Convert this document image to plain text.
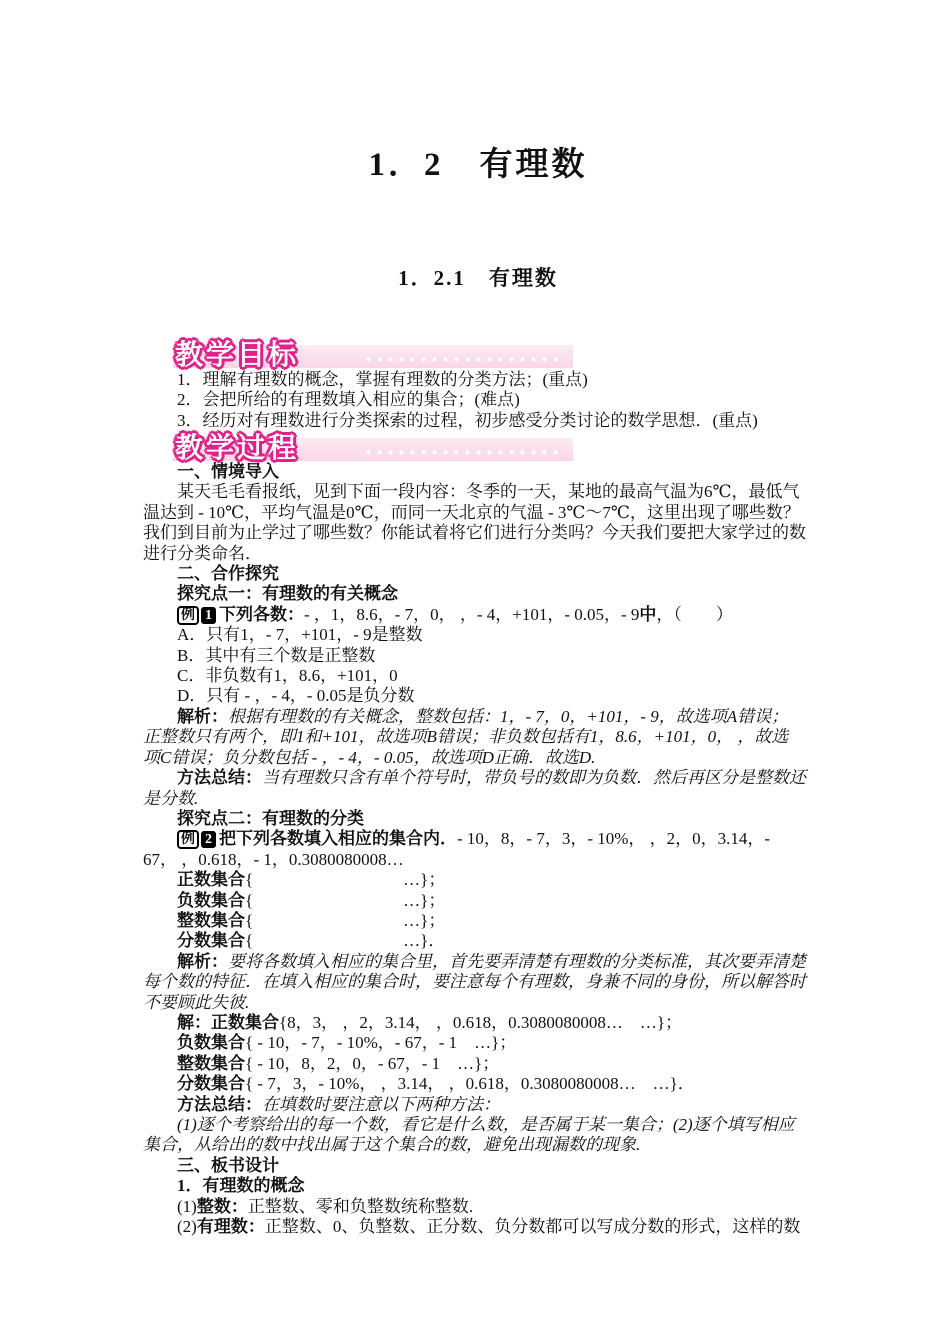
1．2　有理数
1．2.1　有理数
教学目标
1．理解有理数的概念，掌握有理数的分类方法；(重点)
2．会把所给的有理数填入相应的集合；(难点)
3．经历对有理数进行分类探索的过程，初步感受分类讨论的数学思想．(重点)
教学过程
一、情境导入
某天毛毛看报纸，见到下面一段内容：冬季的一天，某地的最高气温为6℃，最低气
温达到 - 10℃，平均气温是0℃，而同一天北京的气温 - 3℃～7℃，这里出现了哪些数？
我们到目前为止学过了哪些数？你能试着将它们进行分类吗？今天我们要把大家学过的数
进行分类命名．
二、合作探究
探究点一：有理数的有关概念
例 1 下列各数：- ，1，8.6，- 7，0， ，- 4，+101，- 0.05，- 9中，（　　）
A．只有1，- 7，+101，- 9是整数
B．其中有三个数是正整数
C．非负数有1，8.6，+101，0
D．只有 - ，- 4，- 0.05是负分数
解析：根据有理数的有关概念，整数包括：1，- 7，0，+101，- 9，故选项A错误；
正整数只有两个，即1和+101，故选项B错误；非负数包括有1，8.6，+101，0， ，故选
项C错误；负分数包括 - ，- 4，- 0.05，故选项D正确．故选D.
方法总结：当有理数只含有单个符号时，带负号的数即为负数．然后再区分是整数还
是分数.
探究点二：有理数的分类
例 2 把下列各数填入相应的集合内．- 10，8，- 7，3，- 10%， ，2，0，3.14，-
67， ，0.618，- 1，0.3080080008…
正数集合{	…}；
负数集合{	…}；
整数集合{	…}；
分数集合{	…}．
解析：要将各数填入相应的集合里，首先要弄清楚有理数的分类标准，其次要弄清楚
每个数的特征．在填入相应的集合时，要注意每个有理数，身兼不同的身份，所以解答时
不要顾此失彼.
解：正数集合{8，3， ，2，3.14， ，0.618，0.3080080008…　…}；
负数集合{ - 10，- 7，- 10%，- 67，- 1　…}；
整数集合{ - 10，8，2，0，- 67，- 1　…}；
分数集合{ - 7，3，- 10%， ，3.14， ，0.618，0.3080080008…　…}．
方法总结：在填数时要注意以下两种方法：
(1)逐个考察给出的每一个数，看它是什么数，是否属于某一集合；(2)逐个填写相应
集合，从给出的数中找出属于这个集合的数，避免出现漏数的现象.
三、板书设计
1．有理数的概念
(1)整数：正整数、零和负整数统称整数.
(2)有理数：正整数、0、负整数、正分数、负分数都可以写成分数的形式，这样的数
